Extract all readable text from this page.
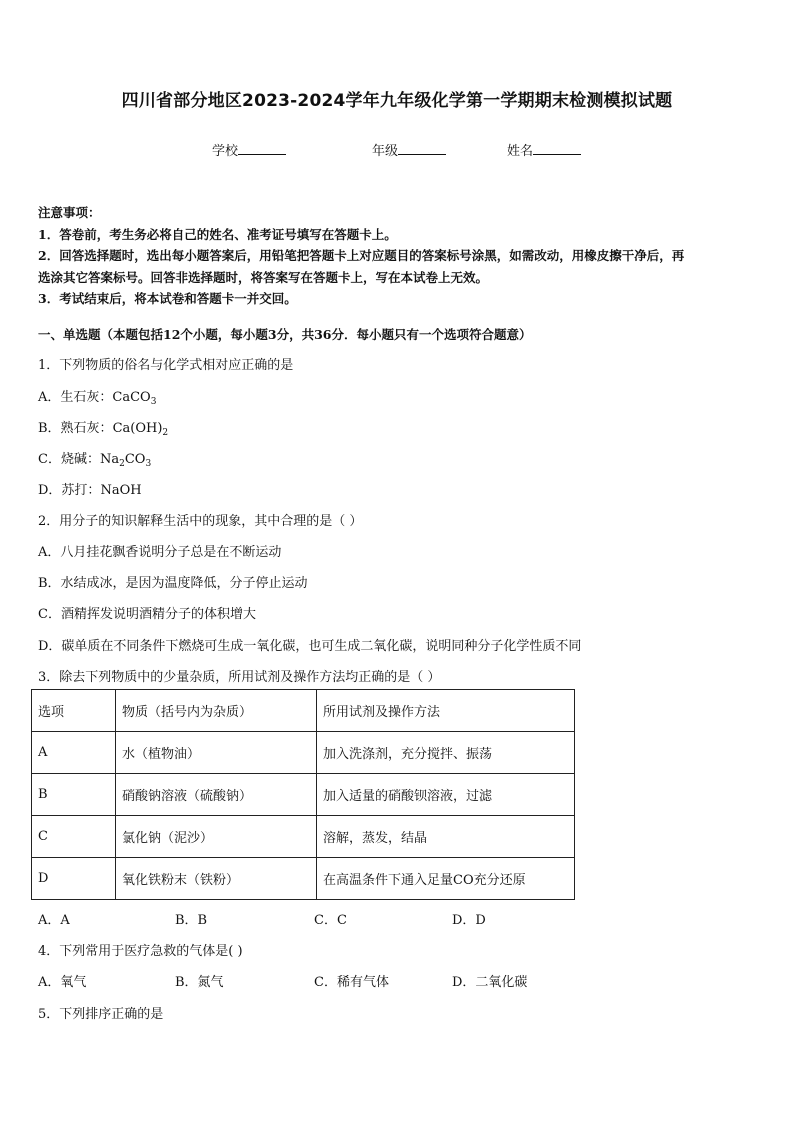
四川省部分地区2023-2024学年九年级化学第一学期期末检测模拟试题
学校	年级	姓名

注意事项：

1．答卷前，考生务必将自己的姓名、准考证号填写在答题卡上。

2．回答选择题时，选出每小题答案后，用铅笔把答题卡上对应题目的答案标号涂黑，如需改动，用橡皮擦干净后，再

选涂其它答案标号。回答非选择题时，将答案写在答题卡上，写在本试卷上无效。

3．考试结束后，将本试卷和答题卡一并交回。

一、单选题（本题包括12个小题，每小题3分，共36分．每小题只有一个选项符合题意）
1．下列物质的俗名与化学式相对应正确的是
A．生石灰：CaCO$_3$
B．熟石灰：$Ca(OH)_2$
C．烧碱：$Na_2CO_3$
D．苏打：NaOH
2．用分子的知识解释生活中的现象，其中合理的是（ ）
A．八月挂花飘香说明分子总是在不断运动
B．水结成冰，是因为温度降低，分子停止运动
C．酒精挥发说明酒精分子的体积增大
D．碳单质在不同条件下燃烧可生成一氧化碳，也可生成二氧化碳，说明同种分子化学性质不同
3．除去下列物质中的少量杂质，所用试剂及操作方法均正确的是（ ）
选项	物质（括号内为杂质）	所用试剂及操作方法
A	水（植物油）	加入洗涤剂，充分搅拌、振荡
B	硝酸钠溶液（硫酸钠）	加入适量的硝酸钡溶液，过滤
C	氯化钠（泥沙）	溶解，蒸发，结晶
D	氧化铁粉末（铁粉）	在高温条件下通入足量CO充分还原
A．A	B．B	C．C	D．D
4．下列常用于医疗急救的气体是( )
A．氧气	B．氮气	C．稀有气体	D．二氧化碳
5．下列排序正确的是
